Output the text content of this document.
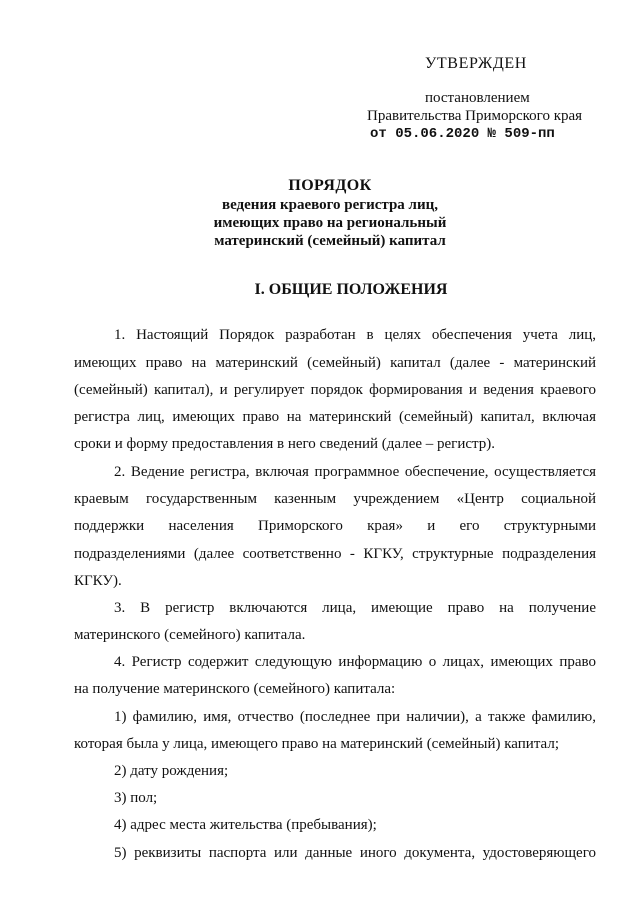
УТВЕРЖДЕН
постановлением
Правительства Приморского края
от 05.06.2020 № 509-пп
ПОРЯДОК
ведения краевого регистра лиц,
имеющих право на региональный
материнский (семейный) капитал
I. ОБЩИЕ ПОЛОЖЕНИЯ
1. Настоящий Порядок разработан в целях обеспечения учета лиц,
имеющих право на материнский (семейный) капитал (далее - материнский
(семейный) капитал), и регулирует порядок формирования и ведения краевого
регистра лиц, имеющих право на материнский (семейный) капитал, включая
сроки и форму предоставления в него сведений (далее – регистр).
2. Ведение регистра, включая программное обеспечение, осуществляется
краевым государственным казенным учреждением «Центр социальной
поддержки населения Приморского края» и его структурными
подразделениями (далее соответственно - КГКУ, структурные подразделения
КГКУ).
3. В регистр включаются лица, имеющие право на получение
материнского (семейного) капитала.
4. Регистр содержит следующую информацию о лицах, имеющих право
на получение материнского (семейного) капитала:
1) фамилию, имя, отчество (последнее при наличии), а также фамилию,
которая была у лица, имеющего право на материнский (семейный) капитал;
2) дату рождения;
3) пол;
4) адрес места жительства (пребывания);
5) реквизиты паспорта или данные иного документа, удостоверяющего
